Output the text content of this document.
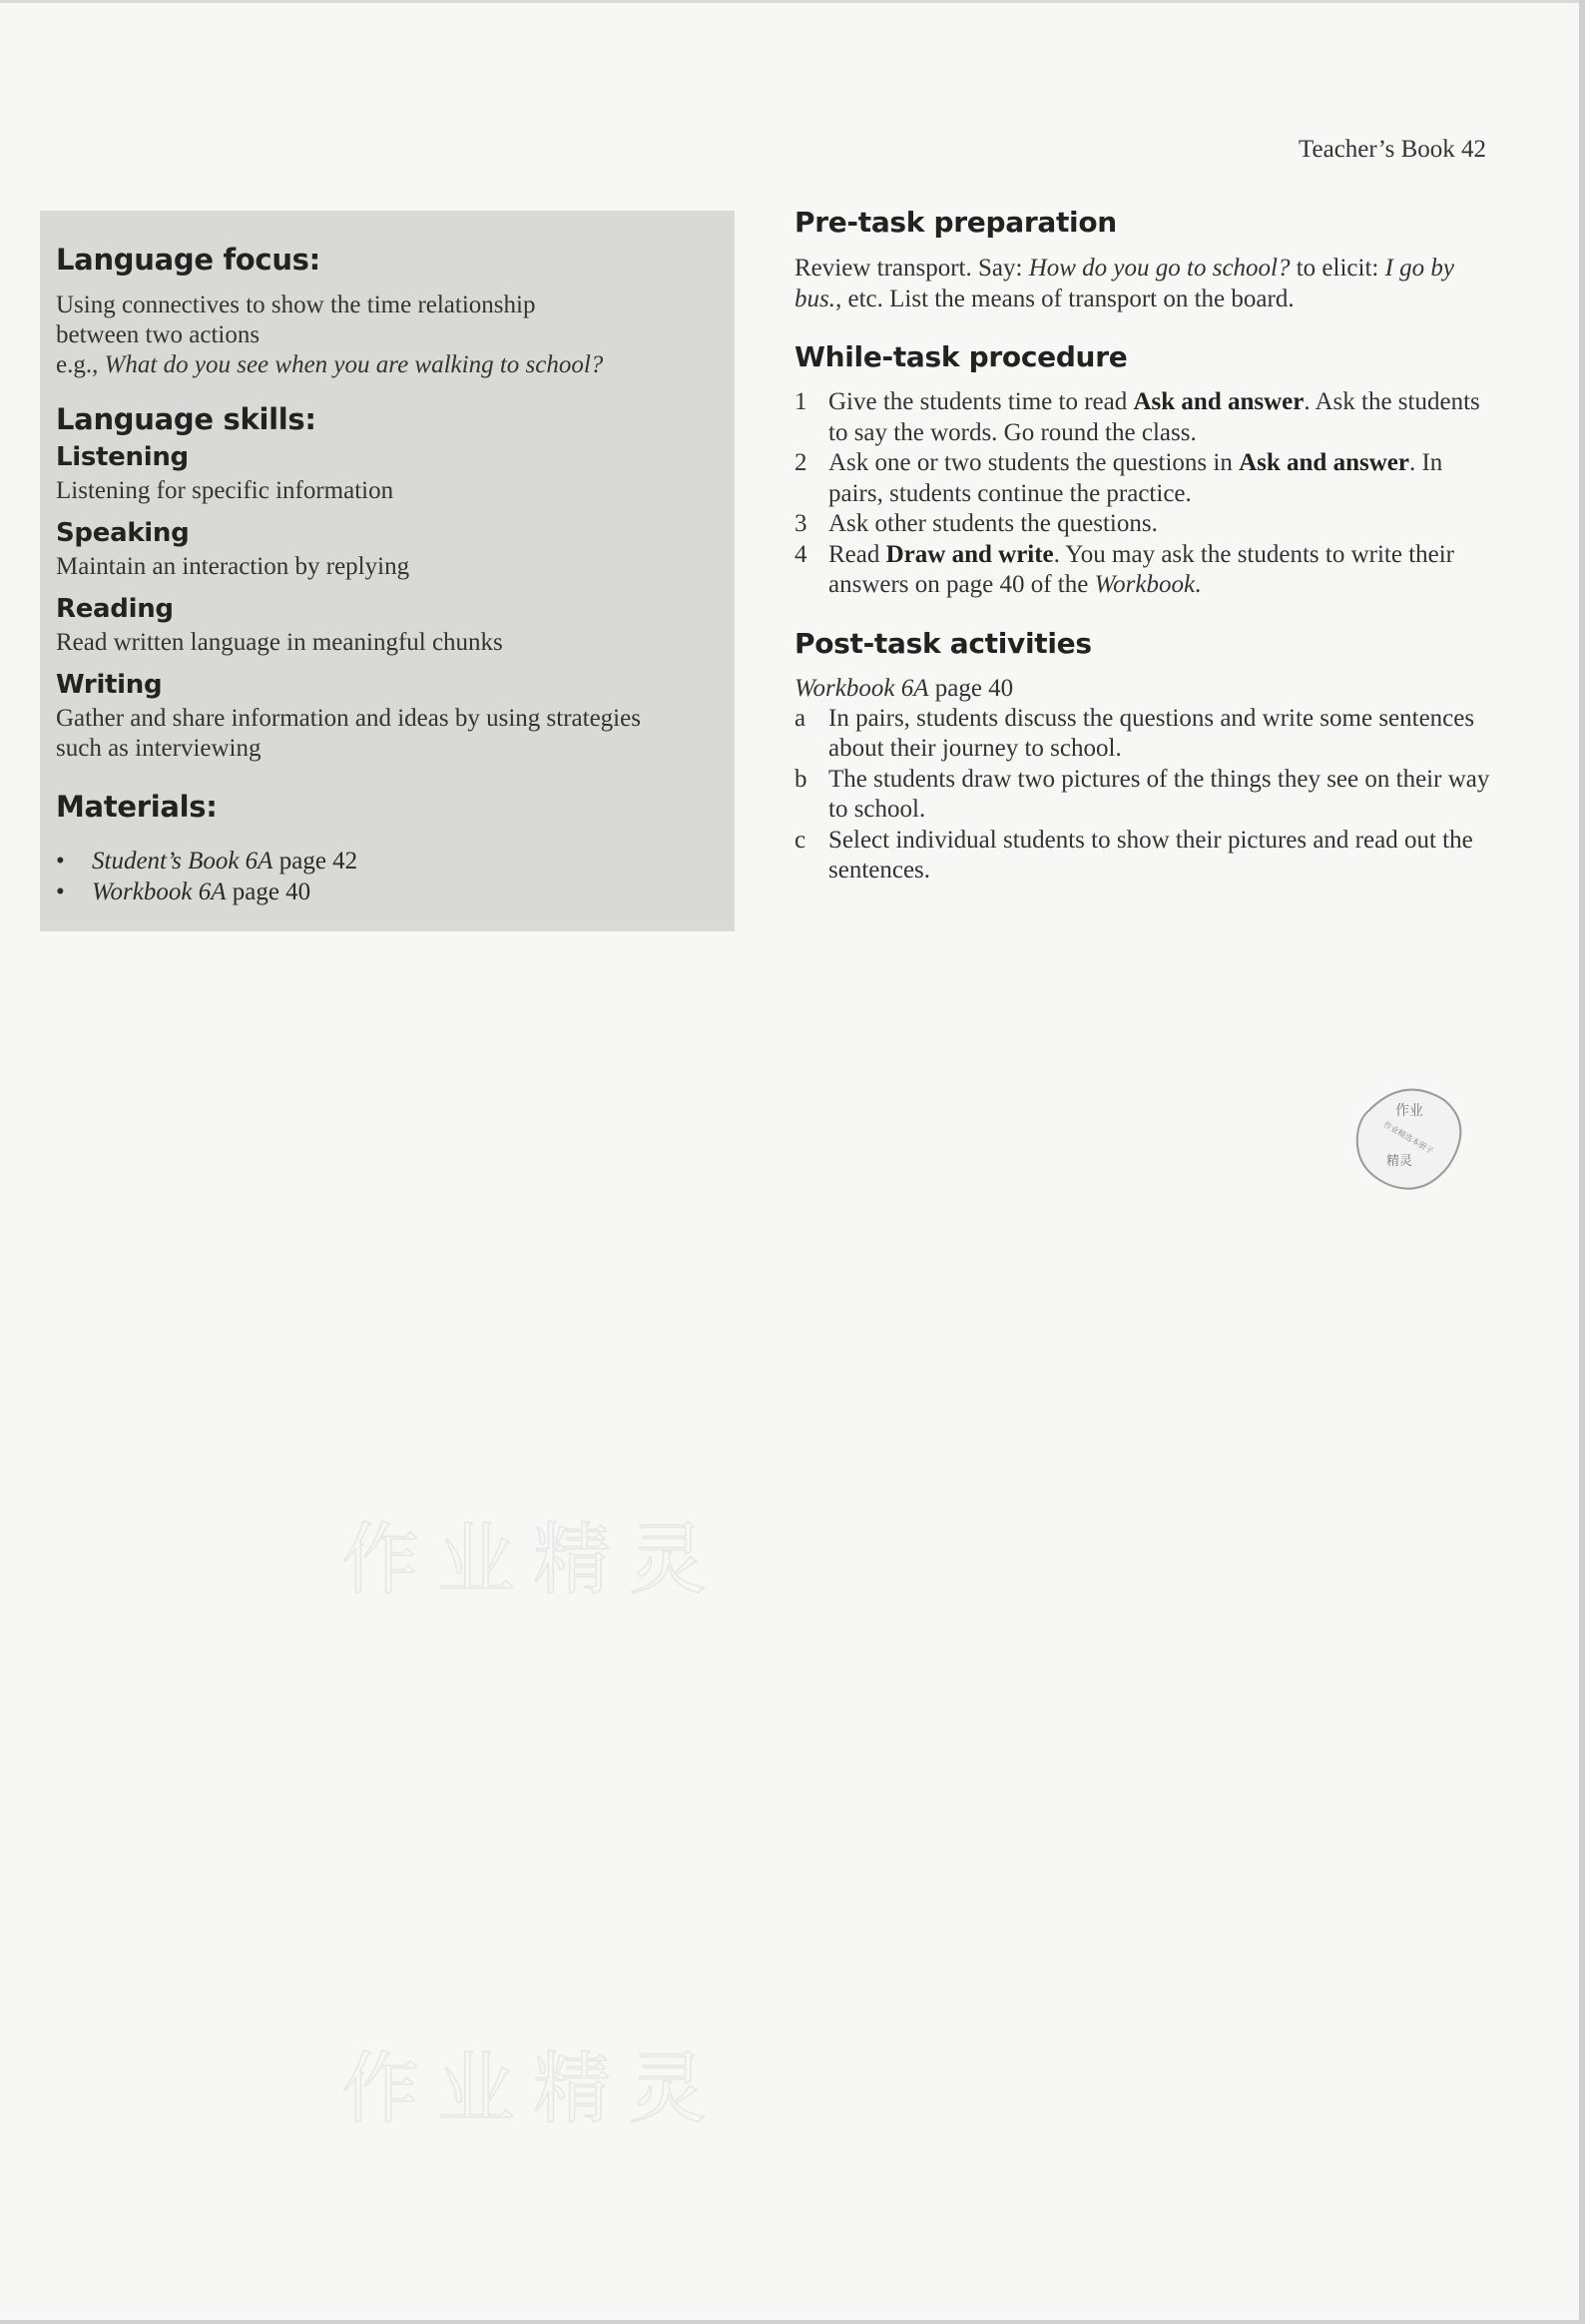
Teacher’s Book 42
Language focus:
Using connectives to show the time relationship
between two actions
e.g., What do you see when you are walking to school?
Language skills:
Listening
Listening for specific information
Speaking
Maintain an interaction by replying
Reading
Read written language in meaningful chunks
Writing
Gather and share information and ideas by using strategies such as interviewing
Materials:
• Student’s Book 6A page 42
• Workbook 6A page 40
Pre-task preparation
Review transport. Say: How do you go to school? to elicit: I go by bus., etc. List the means of transport on the board.
While-task procedure
1 Give the students time to read Ask and answer. Ask the students to say the words. Go round the class.
2 Ask one or two students the questions in Ask and answer. In pairs, students continue the practice.
3 Ask other students the questions.
4 Read Draw and write. You may ask the students to write their answers on page 40 of the Workbook.
Post-task activities
Workbook 6A page 40
a In pairs, students discuss the questions and write some sentences about their journey to school.
b The students draw two pictures of the things they see on their way to school.
c Select individual students to show their pictures and read out the sentences.
作业
作业精选本册子
精灵
作业精灵
作业精灵
